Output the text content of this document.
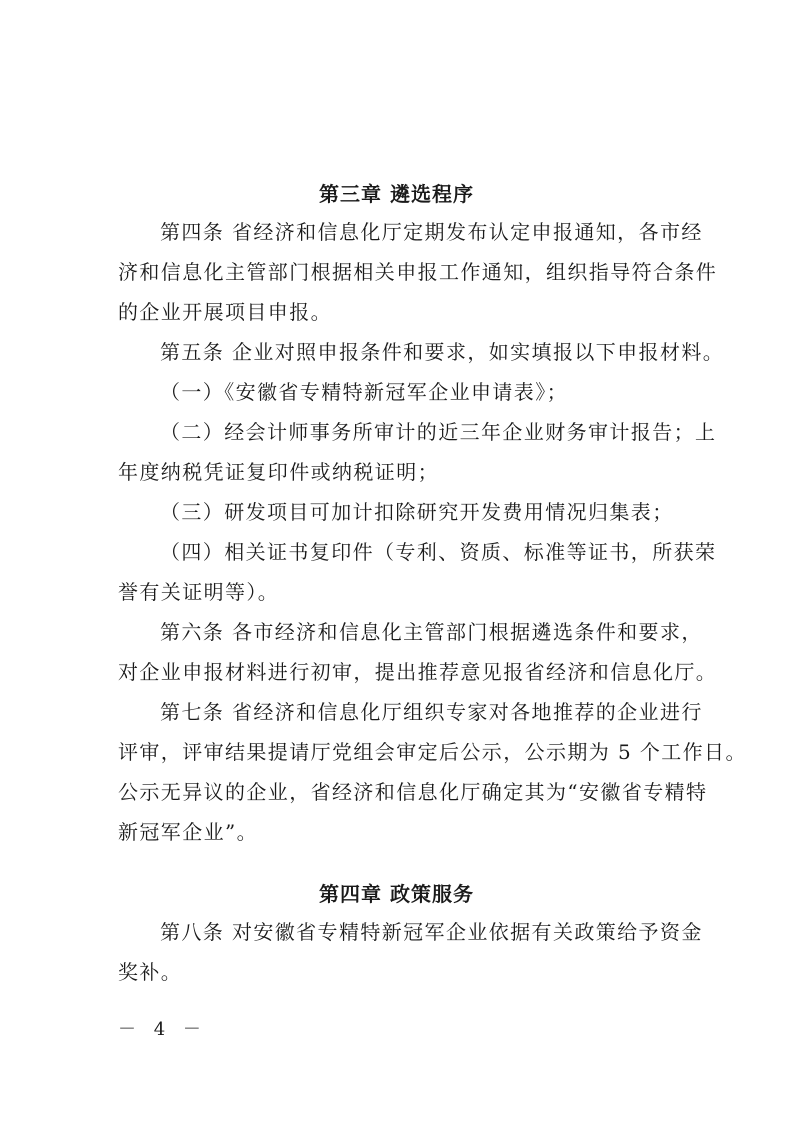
第三章 遴选程序
第四条 省经济和信息化厅定期发布认定申报通知，各市经
济和信息化主管部门根据相关申报工作通知，组织指导符合条件
的企业开展项目申报。
第五条 企业对照申报条件和要求，如实填报以下申报材料。
（一）《安徽省专精特新冠军企业申请表》；
（二）经会计师事务所审计的近三年企业财务审计报告；上
年度纳税凭证复印件或纳税证明；
（三）研发项目可加计扣除研究开发费用情况归集表；
（四）相关证书复印件（专利、资质、标准等证书，所获荣
誉有关证明等）。
第六条 各市经济和信息化主管部门根据遴选条件和要求，
对企业申报材料进行初审，提出推荐意见报省经济和信息化厅。
第七条 省经济和信息化厅组织专家对各地推荐的企业进行
评审，评审结果提请厅党组会审定后公示，公示期为 5 个工作日。
公示无异议的企业，省经济和信息化厅确定其为“安徽省专精特
新冠军企业”。
第四章 政策服务
第八条 对安徽省专精特新冠军企业依据有关政策给予资金
奖补。
－ 4 －
